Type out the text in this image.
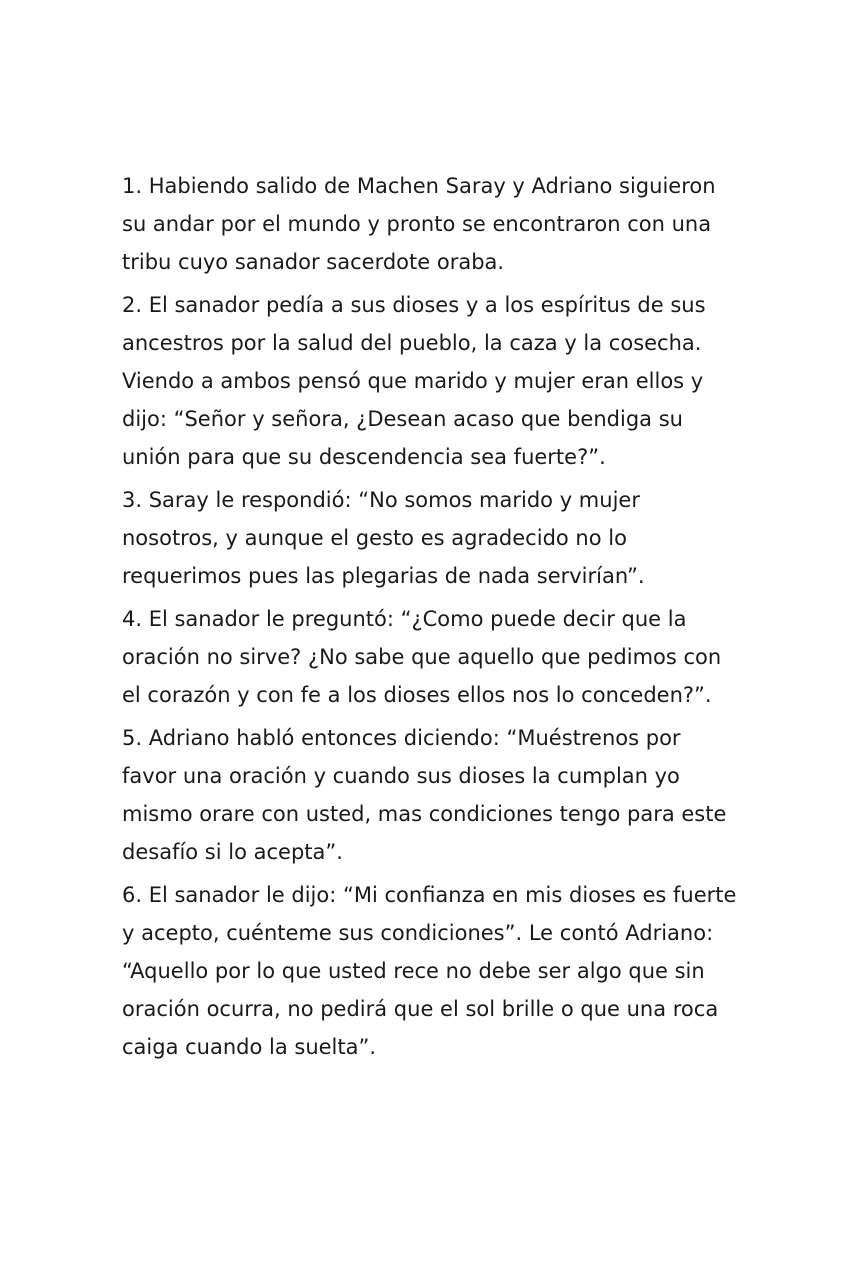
1. Habiendo salido de Machen Saray y Adriano siguieron su andar por el mundo y pronto se encontraron con una tribu cuyo sanador sacerdote oraba.

2. El sanador pedía a sus dioses y a los espíritus de sus ancestros por la salud del pueblo, la caza y la cosecha. Viendo a ambos pensó que marido y mujer eran ellos y dijo: “Señor y señora, ¿Desean acaso que bendiga su unión para que su descendencia sea fuerte?”.

3. Saray le respondió: “No somos marido y mujer nosotros, y aunque el gesto es agradecido no lo requerimos pues las plegarias de nada servirían”.

4. El sanador le preguntó: “¿Como puede decir que la oración no sirve? ¿No sabe que aquello que pedimos con el corazón y con fe a los dioses ellos nos lo conceden?”.

5. Adriano habló entonces diciendo: “Muéstrenos por favor una oración y cuando sus dioses la cumplan yo mismo orare con usted, mas condiciones tengo para este desafío si lo acepta”.

6. El sanador le dijo: “Mi confianza en mis dioses es fuerte y acepto, cuénteme sus condiciones”. Le contó Adriano: “Aquello por lo que usted rece no debe ser algo que sin oración ocurra, no pedirá que el sol brille o que una roca caiga cuando la suelta”.
